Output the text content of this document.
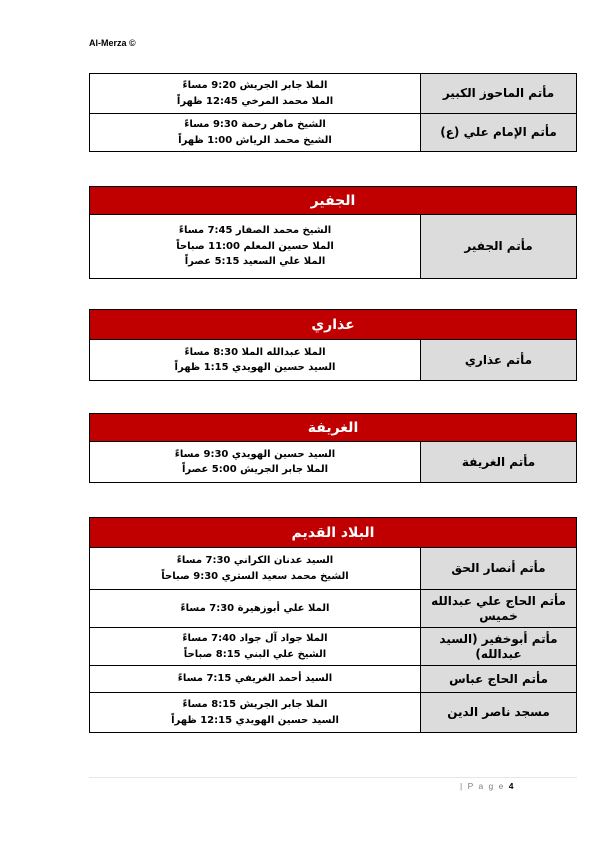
Al-Merza ©
مأتم الماحوز الكبير
الملا جابر الجريش 9:20 مساءً
الملا محمد المرخي 12:45 ظهراً
مأتم الإمام علي (ع)
الشيخ ماهر رحمة 9:30 مساءً
الشيخ محمد الرياش 1:00 ظهراً
الجفير
مأتم الجفير
الشيخ محمد الصفار 7:45 مساءً
الملا حسين المعلم 11:00 صباحاً
الملا علي السعيد 5:15 عصراً
عذاري
مأتم عذاري
الملا عبدالله الملا 8:30 مساءً
السيد حسين الهويدي 1:15 ظهراً
الغريفة
مأتم الغريفة
السيد حسين الهويدي 9:30 مساءً
الملا جابر الجريش 5:00 عصراً
البلاد القديم
مأتم أنصار الحق
السيد عدنان الكراني 7:30 مساءً
الشيخ محمد سعيد الستري 9:30 صباحاً
مأتم الحاج علي عبدالله خميس
الملا علي أبوزهيرة 7:30 مساءً
مأتم أبوخفير (السيد عبدالله)
الملا جواد آل جواد 7:40 مساءً
الشيخ علي البني 8:15 صباحاً
مأتم الحاج عباس
السيد أحمد الغريفي 7:15 مساءً
مسجد ناصر الدين
الملا جابر الجريش 8:15 مساءً
السيد حسين الهويدي 12:15 ظهراً
| P a g e 4
